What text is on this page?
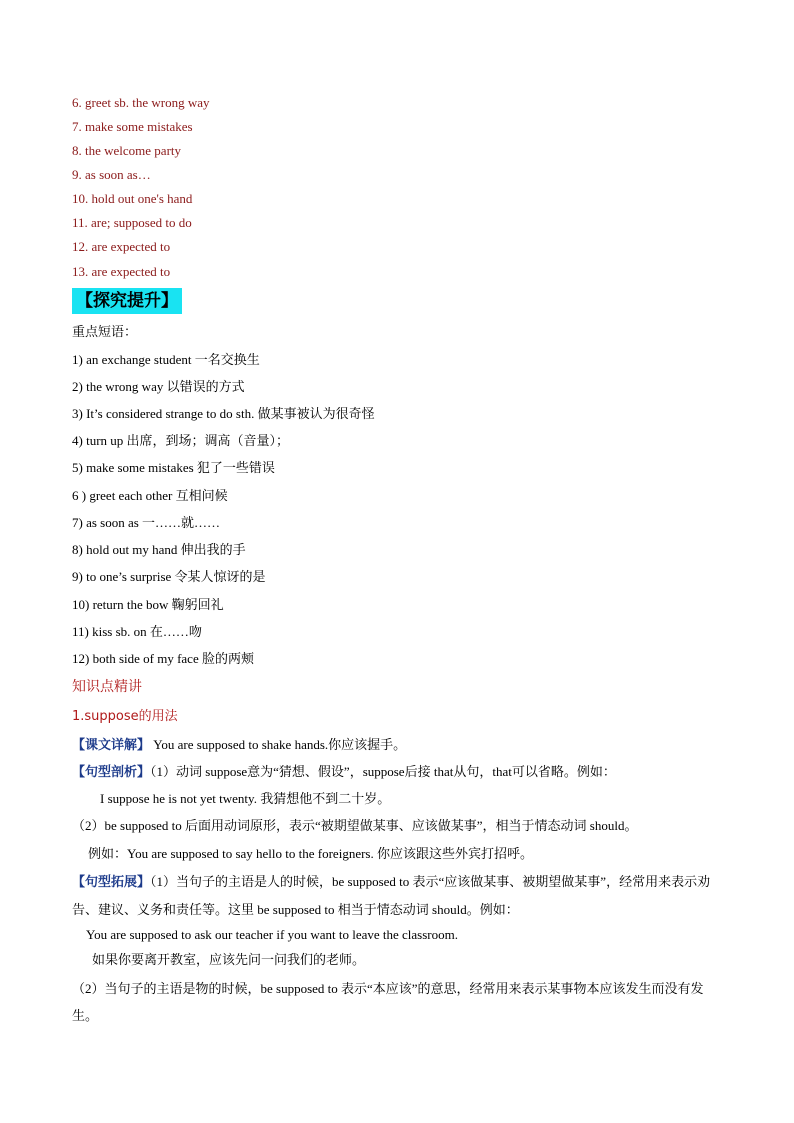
6. greet sb. the wrong way
7. make some mistakes
8. the welcome party
9. as soon as…
10. hold out one's hand
11. are; supposed to do
12. are expected to
13. are expected to
【探究提升】
重点短语：
1) an exchange student 一名交换生
2) the wrong way 以错误的方式
3) It’s considered strange to do sth. 做某事被认为很奇怪
4) turn up 出席，到场；调高（音量）；
5) make some mistakes 犯了一些错误
6 ) greet each other 互相问候
7) as soon as 一……就……
8) hold out my hand 伸出我的手
9) to one’s surprise 令某人惊讶的是
10) return the bow 鞠躬回礼
11) kiss sb. on 在……吻
12) both side of my face 脸的两颊
知识点精讲
1.suppose的用法
【课文详解】 You are supposed to shake hands.你应该握手。
【句型剖析】（1）动词 suppose意为“猜想、假设”，suppose后接 that从句，that可以省略。例如：
I suppose he is not yet twenty. 我猜想他不到二十岁。
（2）be supposed to 后面用动词原形，表示“被期望做某事、应该做某事”，相当于情态动词 should。
例如：You are supposed to say hello to the foreigners. 你应该跟这些外宾打招呼。
【句型拓展】（1）当句子的主语是人的时候，be supposed to 表示“应该做某事、被期望做某事”，经常用来表示劝告、建议、义务和责任等。这里 be supposed to 相当于情态动词 should。例如：
You are supposed to ask our teacher if you want to leave the classroom.
如果你要离开教室，应该先问一问我们的老师。
（2）当句子的主语是物的时候，be supposed to 表示“本应该”的意思，经常用来表示某事物本应该发生而没有发生。
